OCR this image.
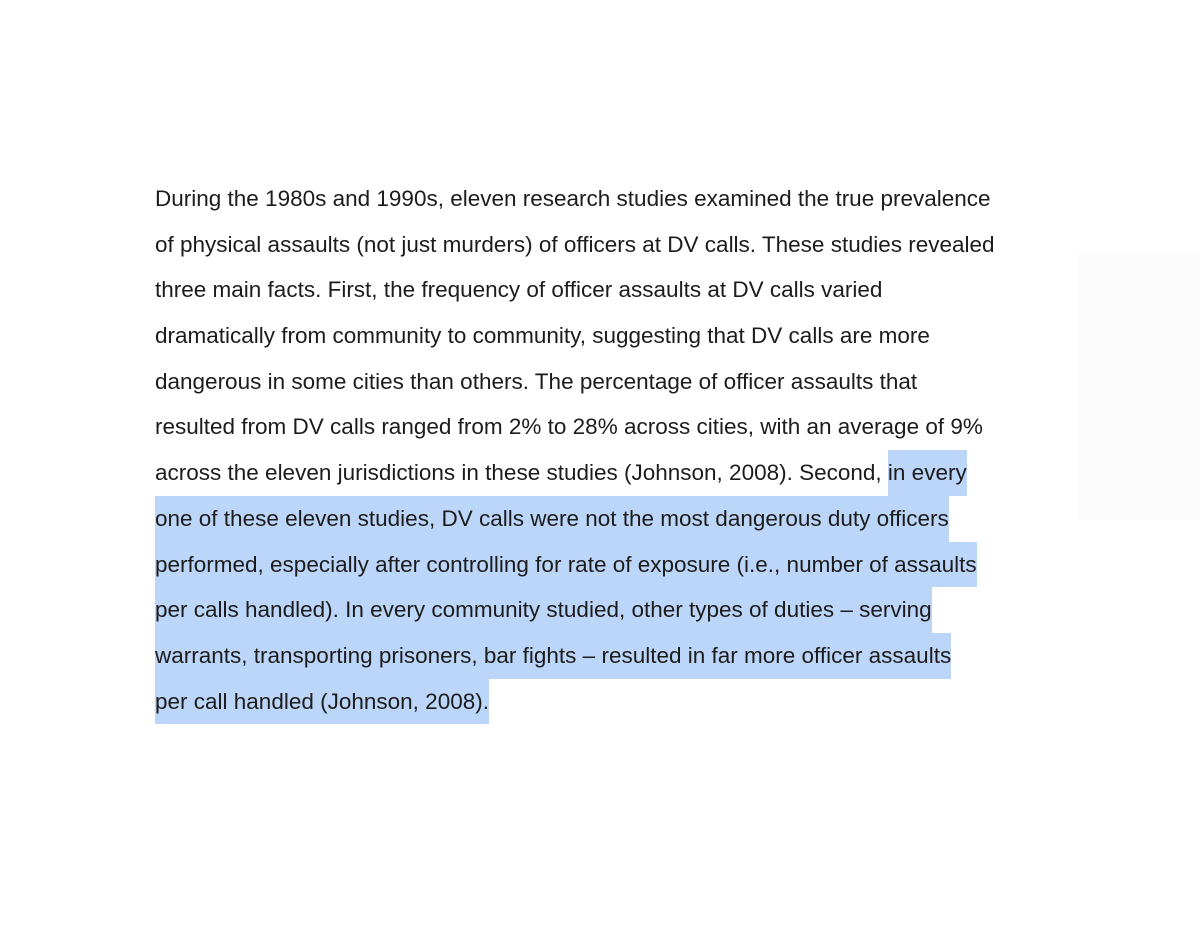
During the 1980s and 1990s, eleven research studies examined the true prevalence
of physical assaults (not just murders) of officers at DV calls. These studies revealed
three main facts. First, the frequency of officer assaults at DV calls varied
dramatically from community to community, suggesting that DV calls are more
dangerous in some cities than others. The percentage of officer assaults that
resulted from DV calls ranged from 2% to 28% across cities, with an average of 9%
across the eleven jurisdictions in these studies (Johnson, 2008). Second, in every
one of these eleven studies, DV calls were not the most dangerous duty officers
performed, especially after controlling for rate of exposure (i.e., number of assaults
per calls handled). In every community studied, other types of duties – serving
warrants, transporting prisoners, bar fights – resulted in far more officer assaults
per call handled (Johnson, 2008).
